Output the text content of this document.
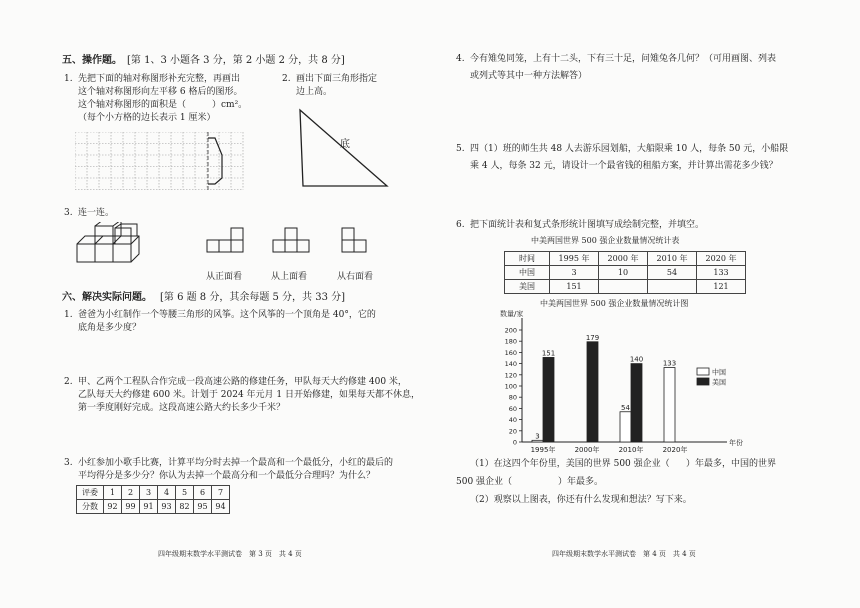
五、操作题。 [第 1、3 小题各 3 分，第 2 小题 2 分，共 8 分]
1. 先把下面的轴对称图形补充完整，再画出
这个轴对称图形向左平移 6 格后的图形。
这个轴对称图形的面积是（	）cm²。
（每个小方格的边长表示 1 厘米）
2. 画出下面三角形指定
边上高。
底
3. 连一连。
从正面看	从上面看	从右面看
六、解决实际问题。 [第 6 题 8 分，其余每题 5 分，共 33 分]
1. 爸爸为小红制作一个等腰三角形的风筝。这个风筝的一个顶角是 40°，它的
底角是多少度？
2. 甲、乙两个工程队合作完成一段高速公路的修建任务，甲队每天大约修建 400 米，
乙队每天大约修建 600 米。计划于 2024 年元月 1 日开始修建，如果每天都不休息，
第一季度刚好完成。这段高速公路大约长多少千米？
3. 小红参加小歌手比赛，计算平均分时去掉一个最高和一个最低分，小红的最后的
平均得分是多少分？你认为去掉一个最高分和一个最低分合理吗？为什么？
评委	1	2	3	4	5	6	7
分数	92	99	91	93	82	95	94
四年级期末数学水平测试卷　第 3 页　共 4 页
4. 今有雉兔同笼，上有十二头，下有三十足，问雉兔各几何？（可用画图、列表
或列式等其中一种方法解答）
5. 四（1）班的师生共 48 人去游乐园划船，大船限乘 10 人，每条 50 元，小船限
乘 4 人，每条 32 元，请设计一个最省钱的租船方案，并计算出需花多少钱？
6. 把下面统计表和复式条形统计图填写成绘制完整，并填空。
中美两国世界 500 强企业数量情况统计表
时间	1995 年	2000 年	2010 年	2020 年
中国	3	10	54	133
美国	151			121
中美两国世界 500 强企业数量情况统计图
数量/家
年份
0
20
40
60
80
100
120
140
160
180
200
3
151
1995年
179
2000年
54
140
2010年
133
2020年
中国
美国
（1）在这四个年份里，美国的世界 500 强企业（ ）年最多，中国的世界
500 强企业（	）年最多。
（2）观察以上图表，你还有什么发现和想法？写下来。
四年级期末数学水平测试卷　第 4 页　共 4 页
